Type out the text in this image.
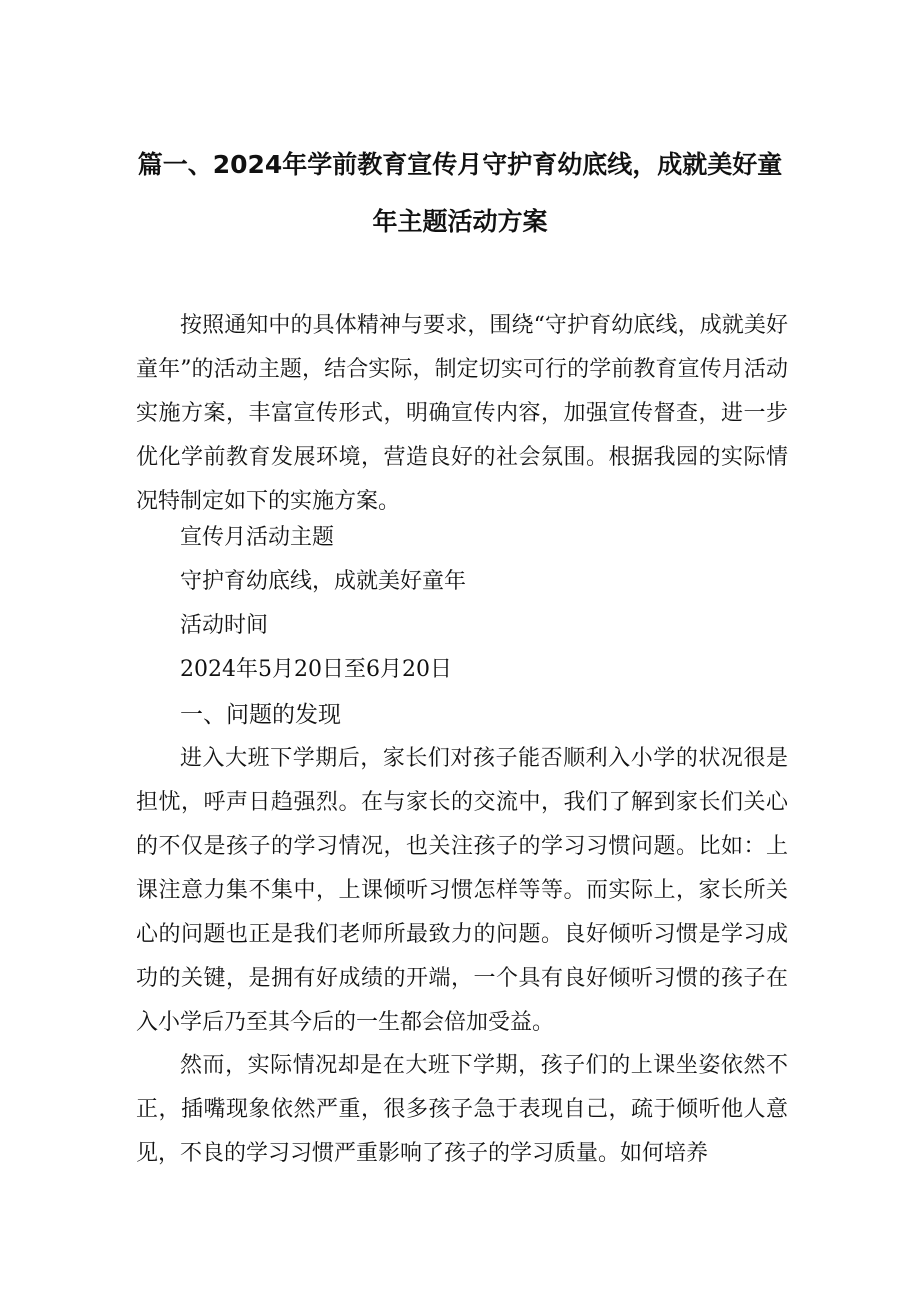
篇一、2024年学前教育宣传月守护育幼底线，成就美好童
年主题活动方案

按照通知中的具体精神与要求，围绕“守护育幼底线，成就美好童年”的活动主题，结合实际，制定切实可行的学前教育宣传月活动实施方案，丰富宣传形式，明确宣传内容，加强宣传督查，进一步优化学前教育发展环境，营造良好的社会氛围。根据我园的实际情况特制定如下的实施方案。

宣传月活动主题

守护育幼底线，成就美好童年

活动时间

2024年5月20日至6月20日

一、问题的发现

进入大班下学期后，家长们对孩子能否顺利入小学的状况很是担忧，呼声日趋强烈。在与家长的交流中，我们了解到家长们关心的不仅是孩子的学习情况，也关注孩子的学习习惯问题。比如：上课注意力集不集中，上课倾听习惯怎样等等。而实际上，家长所关心的问题也正是我们老师所最致力的问题。良好倾听习惯是学习成功的关键，是拥有好成绩的开端，一个具有良好倾听习惯的孩子在入小学后乃至其今后的一生都会倍加受益。

然而，实际情况却是在大班下学期，孩子们的上课坐姿依然不正，插嘴现象依然严重，很多孩子急于表现自己，疏于倾听他人意见，不良的学习习惯严重影响了孩子的学习质量。如何培养
